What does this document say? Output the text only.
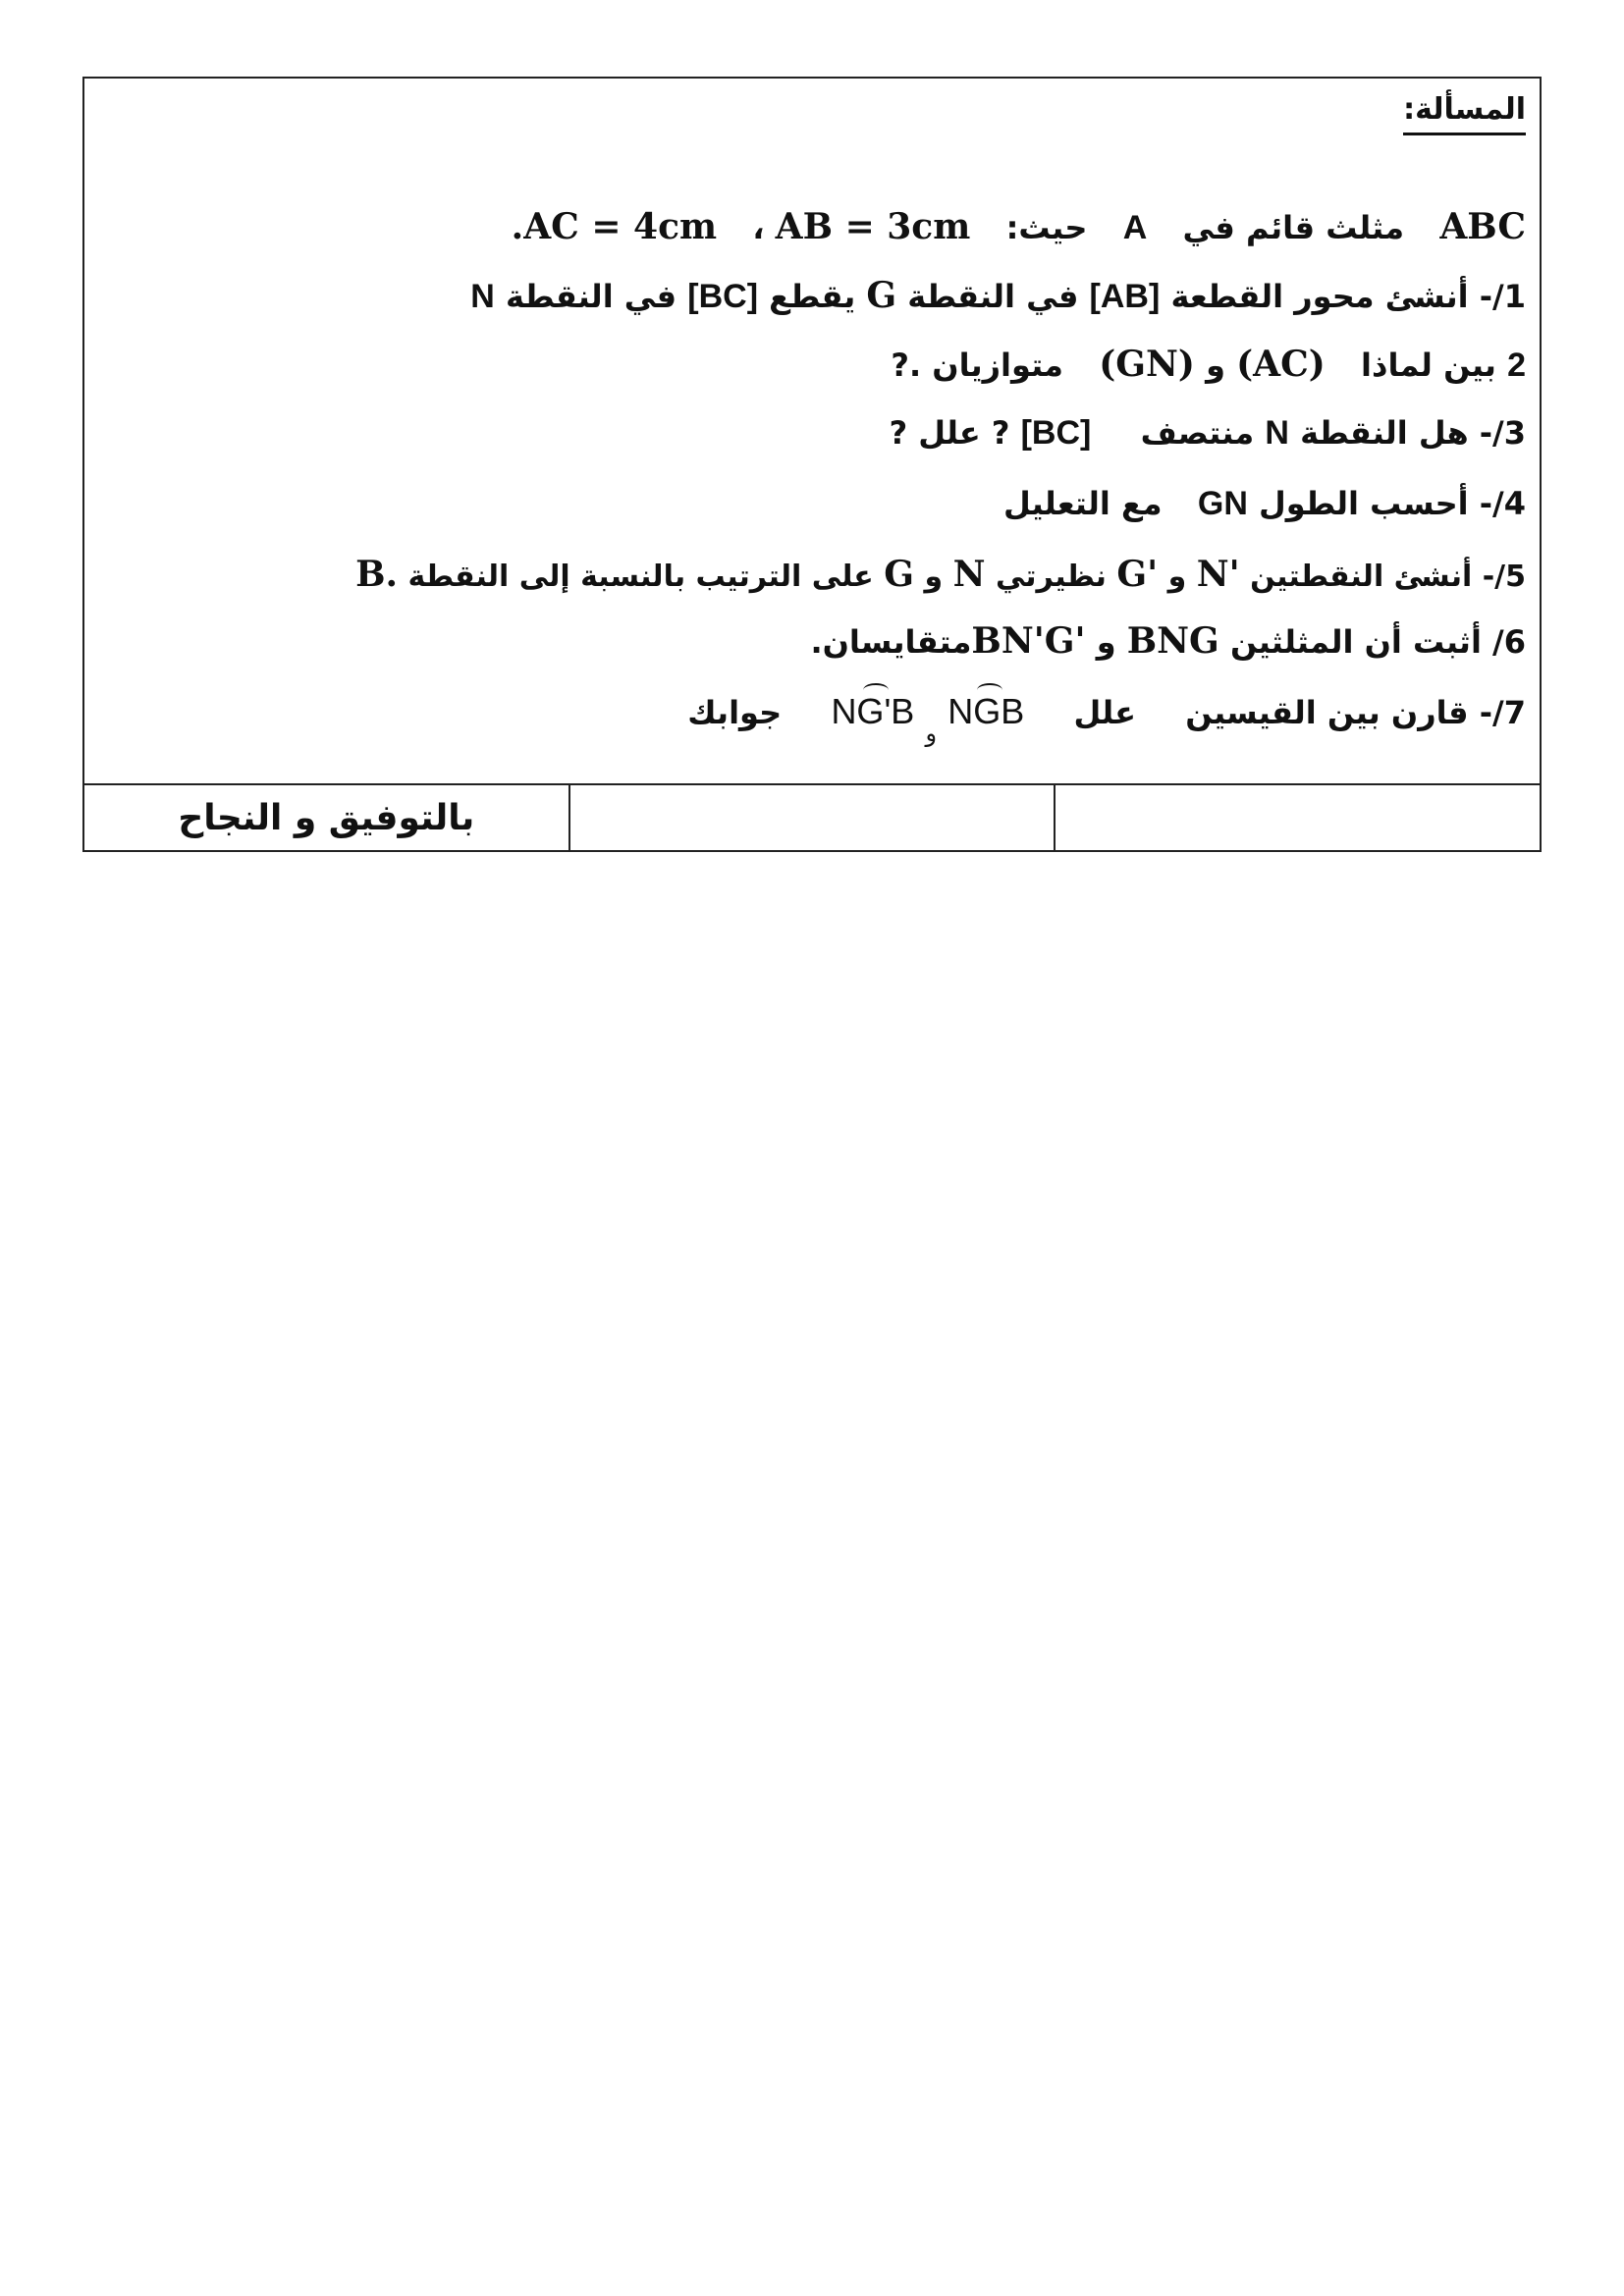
المسألة:
ABC  مثلث قائم في  A  حيث:  AB = 3cm ،  AC = 4cm.
1/- أنشئ محور القطعة [AB] في النقطة G يقطع [BC] في النقطة N
2 بين لماذا  (AC) و (GN)  متوازيان .?
3/- هل النقطة N منتصف  [BC] ? علل ?
4/- أحسب الطول GN  مع التعليل
5/- أنشئ النقطتين N' و G' نظيرتي N و G على الترتيب بالنسبة إلى النقطة B.
6/ أثبت أن المثلثين BNG و BN'G'متقايسان.
7/- قارن بين القيسين  علل  NGB و NG'B  جوابك
بالتوفيق و النجاح
